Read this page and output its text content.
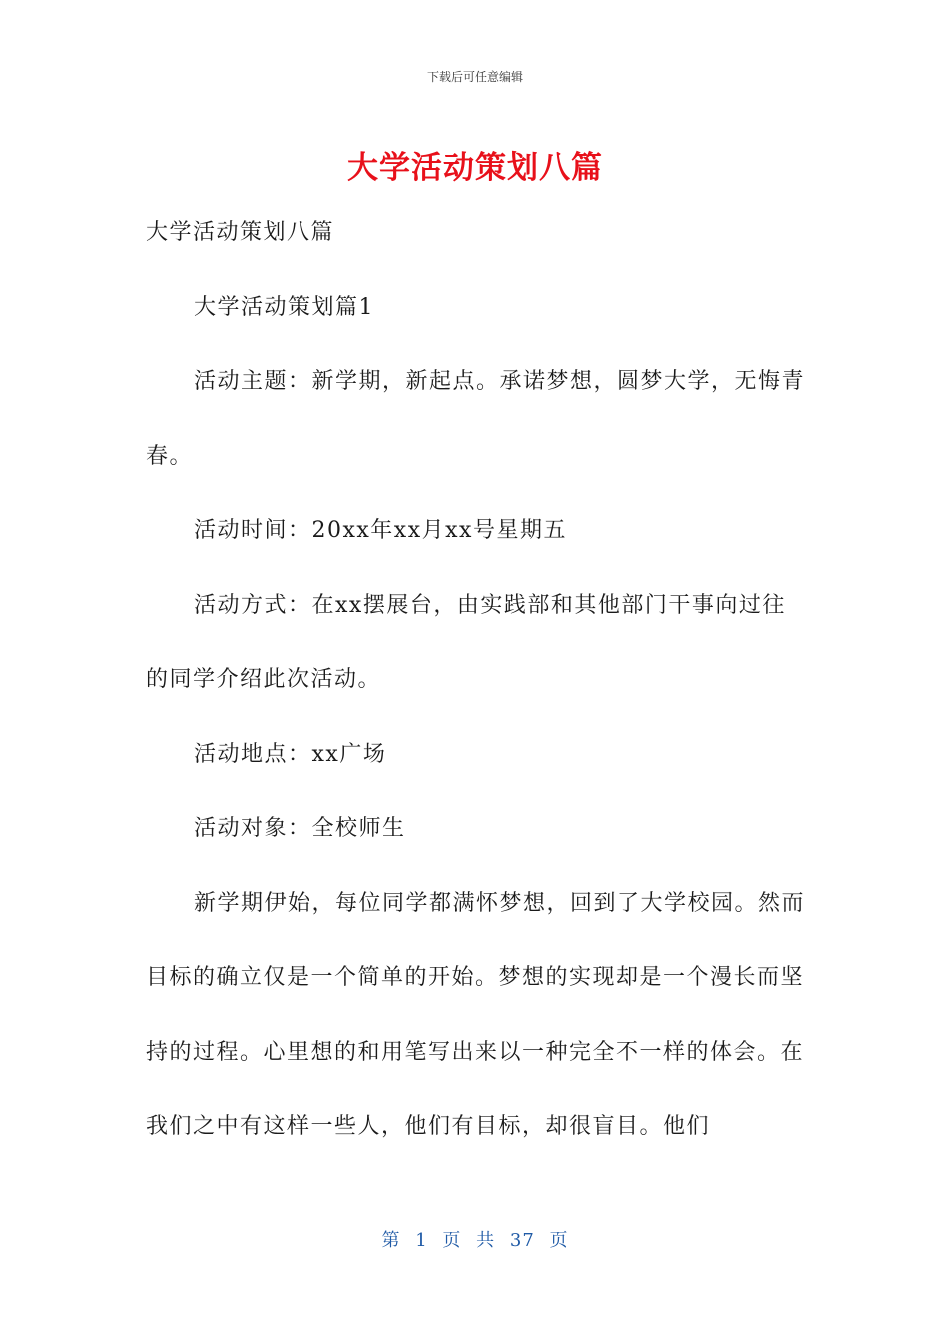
下载后可任意编辑
大学活动策划八篇

大学活动策划八篇

大学活动策划篇1

活动主题：新学期，新起点。承诺梦想，圆梦大学，无悔青春。

活动时间：20xx年xx月xx号星期五

活动方式：在xx摆展台，由实践部和其他部门干事向过往的同学介绍此次活动。

活动地点：xx广场

活动对象：全校师生

新学期伊始，每位同学都满怀梦想，回到了大学校园。然而目标的确立仅是一个简单的开始。梦想的实现却是一个漫长而坚持的过程。心里想的和用笔写出来以一种完全不一样的体会。在我们之中有这样一些人，他们有目标，却很盲目。他们

第 1 页 共 37 页
